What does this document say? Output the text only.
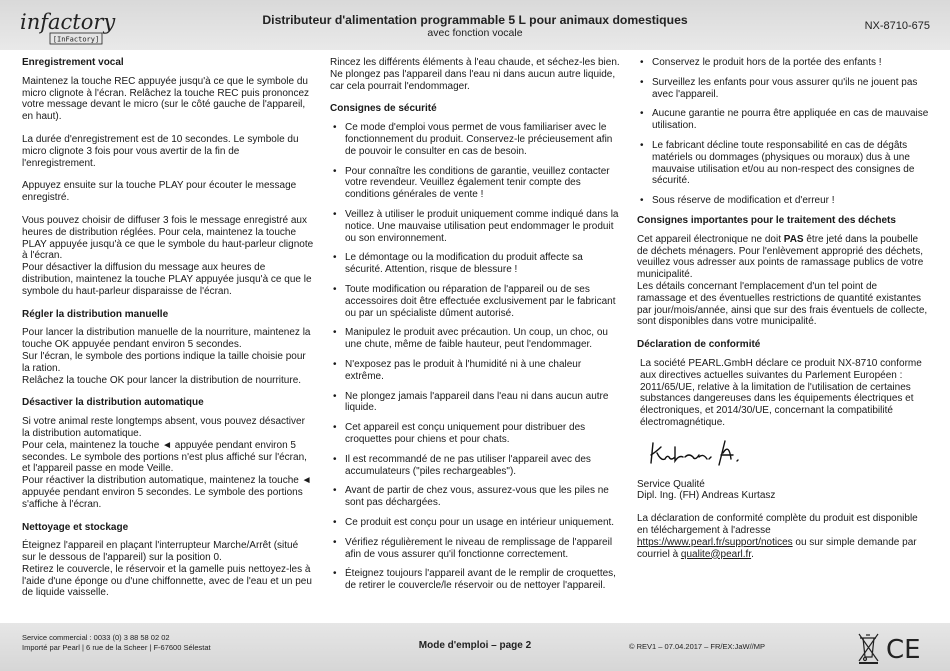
infactory
[InFactory]
Distributeur d'alimentation programmable 5 L pour animaux domestiques
avec fonction vocale
NX-8710-675
Enregistrement vocal

Maintenez la touche REC appuyée jusqu'à ce que le symbole du micro clignote à l'écran. Relâchez la touche REC puis prononcez votre message devant le micro (sur le côté gauche de l'appareil, en haut).

La durée d'enregistrement est de 10 secondes. Le symbole du micro clignote 3 fois pour vous avertir de la fin de l'enregistrement.

Appuyez ensuite sur la touche PLAY pour écouter le message enregistré.

Vous pouvez choisir de diffuser 3 fois le message enregistré aux heures de distribution réglées. Pour cela, maintenez la touche PLAY appuyée jusqu'à ce que le symbole du haut-parleur clignote à l'écran.

Pour désactiver la diffusion du message aux heures de distribution, maintenez la touche PLAY appuyée jusqu'à ce que le symbole du haut-parleur disparaisse de l'écran.

Régler la distribution manuelle

Pour lancer la distribution manuelle de la nourriture, maintenez la touche OK appuyée pendant environ 5 secondes.

Sur l'écran, le symbole des portions indique la taille choisie pour la ration.

Relâchez la touche OK pour lancer la distribution de nourriture.

Désactiver la distribution automatique

Si votre animal reste longtemps absent, vous pouvez désactiver la distribution automatique.

Pour cela, maintenez la touche ◄ appuyée pendant environ 5 secondes. Le symbole des portions n'est plus affiché sur l'écran, et l'appareil passe en mode Veille.

Pour réactiver la distribution automatique, maintenez la touche ◄ appuyée pendant environ 5 secondes. Le symbole des portions s'affiche à l'écran.

Nettoyage et stockage

Éteignez l'appareil en plaçant l'interrupteur Marche/Arrêt (situé sur le dessous de l'appareil) sur la position 0.

Retirez le couvercle, le réservoir et la gamelle puis nettoyez-les à l'aide d'une éponge ou d'une chiffonnette, avec de l'eau et un peu de liquide vaisselle.

Rincez les différents éléments à l'eau chaude, et séchez-les bien.

Ne plongez pas l'appareil dans l'eau ni dans aucun autre liquide, car cela pourrait l'endommager.

Consignes de sécurité
• Ce mode d'emploi vous permet de vous familiariser avec le fonctionnement du produit. Conservez-le précieusement afin de pouvoir le consulter en cas de besoin.
• Pour connaître les conditions de garantie, veuillez contacter votre revendeur. Veuillez également tenir compte des conditions générales de vente !
• Veillez à utiliser le produit uniquement comme indiqué dans la notice. Une mauvaise utilisation peut endommager le produit ou son environnement.
• Le démontage ou la modification du produit affecte sa sécurité. Attention, risque de blessure !
• Toute modification ou réparation de l'appareil ou de ses accessoires doit être effectuée exclusivement par le fabricant ou par un spécialiste dûment autorisé.
• Manipulez le produit avec précaution. Un coup, un choc, ou une chute, même de faible hauteur, peut l'endommager.
• N'exposez pas le produit à l'humidité ni à une chaleur extrême.
• Ne plongez jamais l'appareil dans l'eau ni dans aucun autre liquide.
• Cet appareil est conçu uniquement pour distribuer des croquettes pour chiens et pour chats.
• Il est recommandé de ne pas utiliser l'appareil avec des accumulateurs ("piles rechargeables").
• Avant de partir de chez vous, assurez-vous que les piles ne sont pas déchargées.
• Ce produit est conçu pour un usage en intérieur uniquement.
• Vérifiez régulièrement le niveau de remplissage de l'appareil afin de vous assurer qu'il fonctionne correctement.
• Éteignez toujours l'appareil avant de le remplir de croquettes, de retirer le couvercle/le réservoir ou de nettoyer l'appareil.
• Conservez le produit hors de la portée des enfants !
• Surveillez les enfants pour vous assurer qu'ils ne jouent pas avec l'appareil.
• Aucune garantie ne pourra être appliquée en cas de mauvaise utilisation.
• Le fabricant décline toute responsabilité en cas de dégâts matériels ou dommages (physiques ou moraux) dus à une mauvaise utilisation et/ou au non-respect des consignes de sécurité.
• Sous réserve de modification et d'erreur !
Consignes importantes pour le traitement des déchets

Cet appareil électronique ne doit PAS être jeté dans la poubelle de déchets ménagers. Pour l'enlèvement approprié des déchets, veuillez vous adresser aux points de ramassage publics de votre municipalité.

Les détails concernant l'emplacement d'un tel point de ramassage et des éventuelles restrictions de quantité existantes par jour/mois/année, ainsi que sur des frais éventuels de collecte, sont disponibles dans votre municipalité.

Déclaration de conformité

La société PEARL.GmbH déclare ce produit NX-8710 conforme aux directives actuelles suivantes du Parlement Européen : 2011/65/UE, relative à la limitation de l'utilisation de certaines substances dangereuses dans les équipements électriques et électroniques, et 2014/30/UE, concernant la compatibilité électromagnétique.

Service Qualité

Dipl. Ing. (FH) Andreas Kurtasz

La déclaration de conformité complète du produit est disponible en téléchargement à l'adresse https://www.pearl.fr/support/notices ou sur simple demande par courriel à qualite@pearl.fr.

Service commercial : 0033 (0) 3 88 58 02 02
Importé par Pearl | 6 rue de la Scheer | F-67600 Sélestat	Mode d'emploi – page 2	© REV1 – 07.04.2017 – FR/EX:JaW//MP	CE
